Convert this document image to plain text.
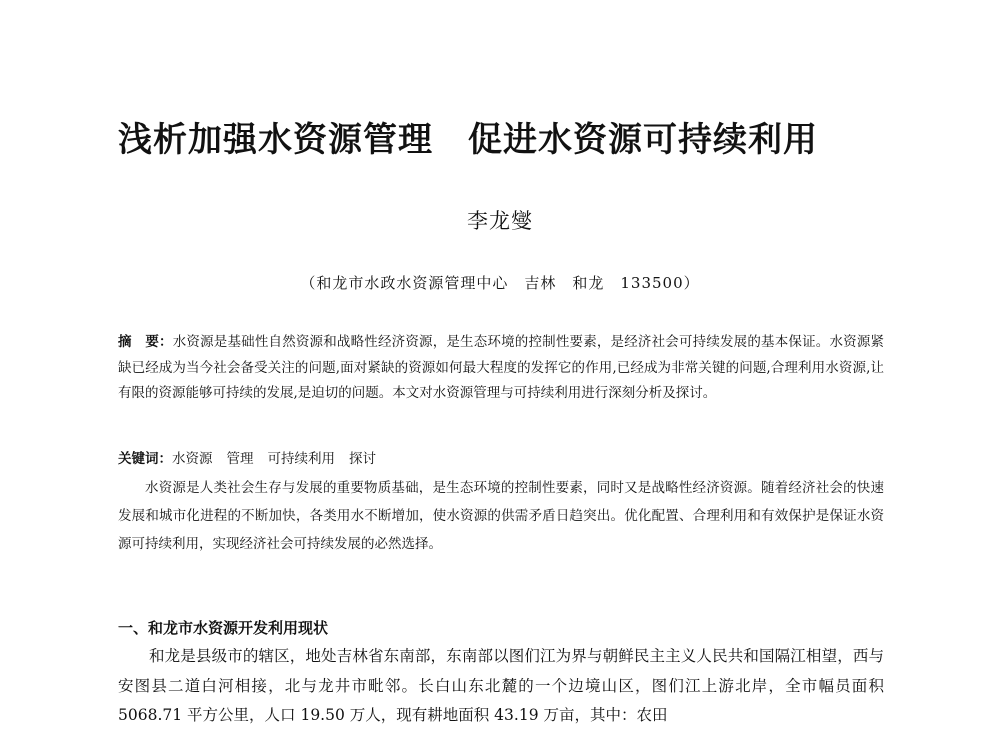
浅析加强水资源管理　促进水资源可持续利用
李龙燮
（和龙市水政水资源管理中心　吉林　和龙　133500）

摘　要：水资源是基础性自然资源和战略性经济资源，是生态环境的控制性要素，是经济社会可持续发展的基本保证。水资源紧缺已经成为当今社会备受关注的问题,面对紧缺的资源如何最大程度的发挥它的作用,已经成为非常关键的问题,合理利用水资源,让有限的资源能够可持续的发展,是迫切的问题。本文对水资源管理与可持续利用进行深刻分析及探讨。

关键词：水资源 管理 可持续利用 探讨

水资源是人类社会生存与发展的重要物质基础，是生态环境的控制性要素，同时又是战略性经济资源。随着经济社会的快速发展和城市化进程的不断加快，各类用水不断增加，使水资源的供需矛盾日趋突出。优化配置、合理利用和有效保护是保证水资源可持续利用，实现经济社会可持续发展的必然选择。

一、和龙市水资源开发利用现状

和龙是县级市的辖区，地处吉林省东南部，东南部以图们江为界与朝鲜民主主义人民共和国隔江相望，西与安图县二道白河相接，北与龙井市毗邻。长白山东北麓的一个边境山区，图们江上游北岸，全市幅员面积 5068.71 平方公里，人口 19.50 万人，现有耕地面积 43.19 万亩，其中：农田
